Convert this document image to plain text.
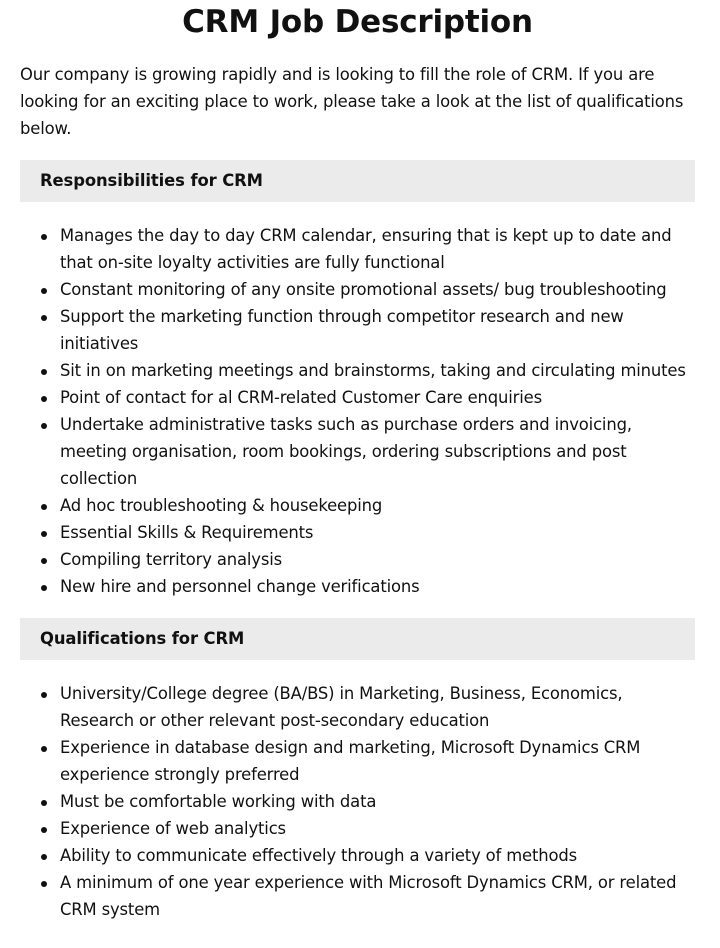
CRM Job Description

Our company is growing rapidly and is looking to fill the role of CRM. If you are looking for an exciting place to work, please take a look at the list of qualifications below.

Responsibilities for CRM
Manages the day to day CRM calendar, ensuring that is kept up to date and that on-site loyalty activities are fully functional
Constant monitoring of any onsite promotional assets/ bug troubleshooting
Support the marketing function through competitor research and new initiatives
Sit in on marketing meetings and brainstorms, taking and circulating minutes
Point of contact for al CRM-related Customer Care enquiries
Undertake administrative tasks such as purchase orders and invoicing, meeting organisation, room bookings, ordering subscriptions and post collection
Ad hoc troubleshooting & housekeeping
Essential Skills & Requirements
Compiling territory analysis
New hire and personnel change verifications
Qualifications for CRM
University/College degree (BA/BS) in Marketing, Business, Economics, Research or other relevant post-secondary education
Experience in database design and marketing, Microsoft Dynamics CRM experience strongly preferred
Must be comfortable working with data
Experience of web analytics
Ability to communicate effectively through a variety of methods
A minimum of one year experience with Microsoft Dynamics CRM, or related CRM system
